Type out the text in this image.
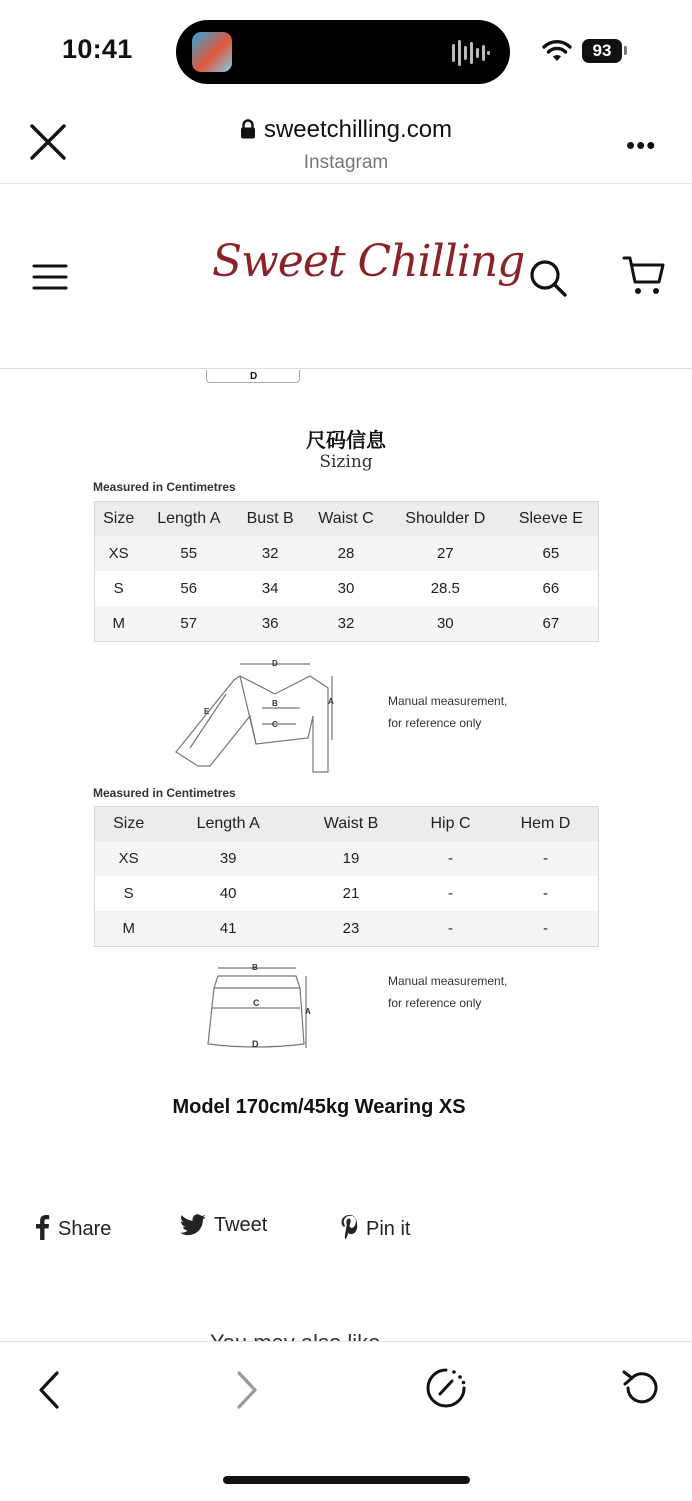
10:41	93
sweetchilling.com
Instagram
•••
Sweet Chilling
D
尺码信息
Sizing
Measured in Centimetres
Size	Length A	Bust B	Waist C	Shoulder D	Sleeve E
XS	55	32	28	27	65
S	56	34	30	28.5	66
M	57	36	32	30	67
D
B
C
A
E
Manual measurement,
for reference only
Measured in Centimetres
Size	Length A	Waist B	Hip C	Hem D
XS	39	19	-	-
S	40	21	-	-
M	41	23	-	-
B
C
A
D
Manual measurement,
for reference only
Model 170cm/45kg Wearing XS
Share	Tweet	Pin it
